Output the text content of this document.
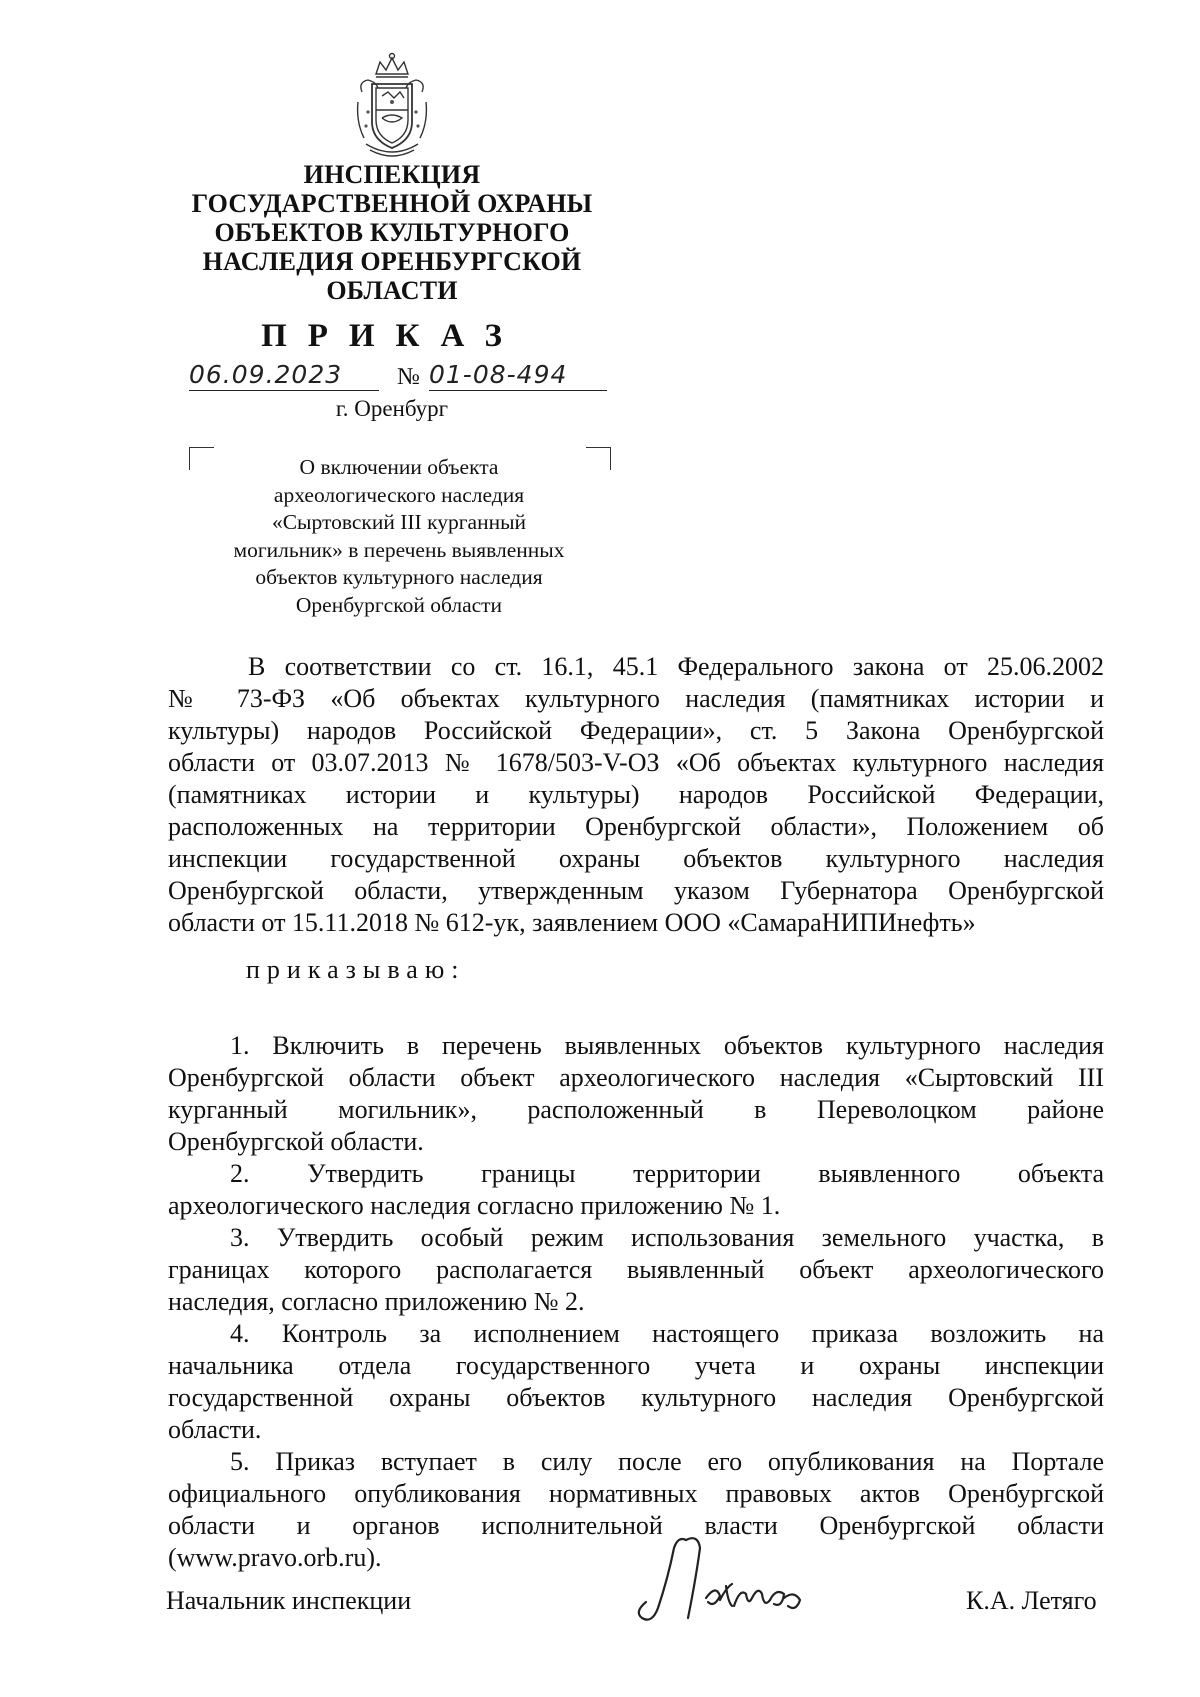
ИНСПЕКЦИЯ
ГОСУДАРСТВЕННОЙ ОХРАНЫ
ОБЪЕКТОВ КУЛЬТУРНОГО
НАСЛЕДИЯ ОРЕНБУРГСКОЙ
ОБЛАСТИ
ПРИКАЗ
06.09.2023	№ 01-08-494
г. Оренбург
О включении объекта
археологического наследия
«Сыртовский III курганный
могильник» в перечень выявленных
объектов культурного наследия
Оренбургской области
В соответствии со ст. 16.1, 45.1 Федерального закона от 25.06.2002
№ 73-ФЗ «Об объектах культурного наследия (памятниках истории и
культуры) народов Российской Федерации», ст. 5 Закона Оренбургской
области от 03.07.2013 № 1678/503-V-ОЗ «Об объектах культурного наследия
(памятниках истории и культуры) народов Российской Федерации,
расположенных на территории Оренбургской области», Положением об
инспекции государственной охраны объектов культурного наследия
Оренбургской области, утвержденным указом Губернатора Оренбургской
области от 15.11.2018 № 612-ук, заявлением ООО «СамараНИПИнефть»
приказываю:
1. Включить в перечень выявленных объектов культурного наследия
Оренбургской области объект археологического наследия «Сыртовский III
курганный могильник», расположенный в Переволоцком районе
Оренбургской области.
2. Утвердить границы территории выявленного объекта
археологического наследия согласно приложению № 1.
3. Утвердить особый режим использования земельного участка, в
границах которого располагается выявленный объект археологического
наследия, согласно приложению № 2.
4. Контроль за исполнением настоящего приказа возложить на
начальника отдела государственного учета и охраны инспекции
государственной охраны объектов культурного наследия Оренбургской
области.
5. Приказ вступает в силу после его опубликования на Портале
официального опубликования нормативных правовых актов Оренбургской
области и органов исполнительной власти Оренбургской области
(www.pravo.orb.ru).
Начальник инспекции	К.А. Летяго
